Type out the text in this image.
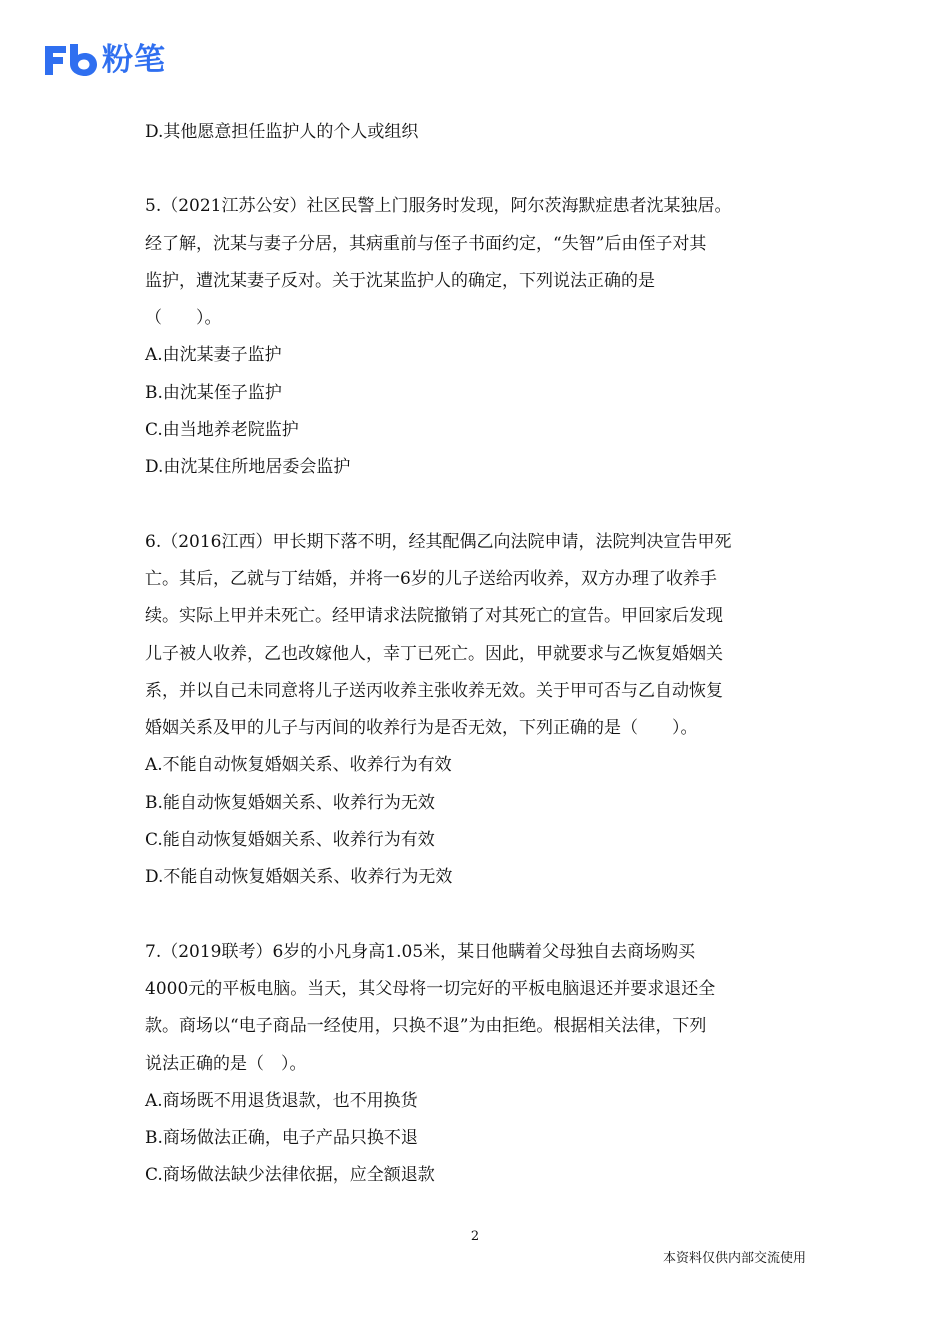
粉笔
D.其他愿意担任监护人的个人或组织
5.（2021江苏公安）社区民警上门服务时发现，阿尔茨海默症患者沈某独居。
经了解，沈某与妻子分居，其病重前与侄子书面约定，“失智”后由侄子对其
监护，遭沈某妻子反对。关于沈某监护人的确定，下列说法正确的是
（　　）。
A.由沈某妻子监护
B.由沈某侄子监护
C.由当地养老院监护
D.由沈某住所地居委会监护
6.（2016江西）甲长期下落不明，经其配偶乙向法院申请，法院判决宣告甲死
亡。其后，乙就与丁结婚，并将一6岁的儿子送给丙收养，双方办理了收养手
续。实际上甲并未死亡。经甲请求法院撤销了对其死亡的宣告。甲回家后发现
儿子被人收养，乙也改嫁他人，幸丁已死亡。因此，甲就要求与乙恢复婚姻关
系，并以自己未同意将儿子送丙收养主张收养无效。关于甲可否与乙自动恢复
婚姻关系及甲的儿子与丙间的收养行为是否无效，下列正确的是（　　）。
A.不能自动恢复婚姻关系、收养行为有效
B.能自动恢复婚姻关系、收养行为无效
C.能自动恢复婚姻关系、收养行为有效
D.不能自动恢复婚姻关系、收养行为无效
7.（2019联考）6岁的小凡身高1.05米，某日他瞒着父母独自去商场购买
4000元的平板电脑。当天，其父母将一切完好的平板电脑退还并要求退还全
款。商场以“电子商品一经使用，只换不退”为由拒绝。根据相关法律，下列
说法正确的是（　）。
A.商场既不用退货退款，也不用换货
B.商场做法正确，电子产品只换不退
C.商场做法缺少法律依据，应全额退款
2
本资料仅供内部交流使用
